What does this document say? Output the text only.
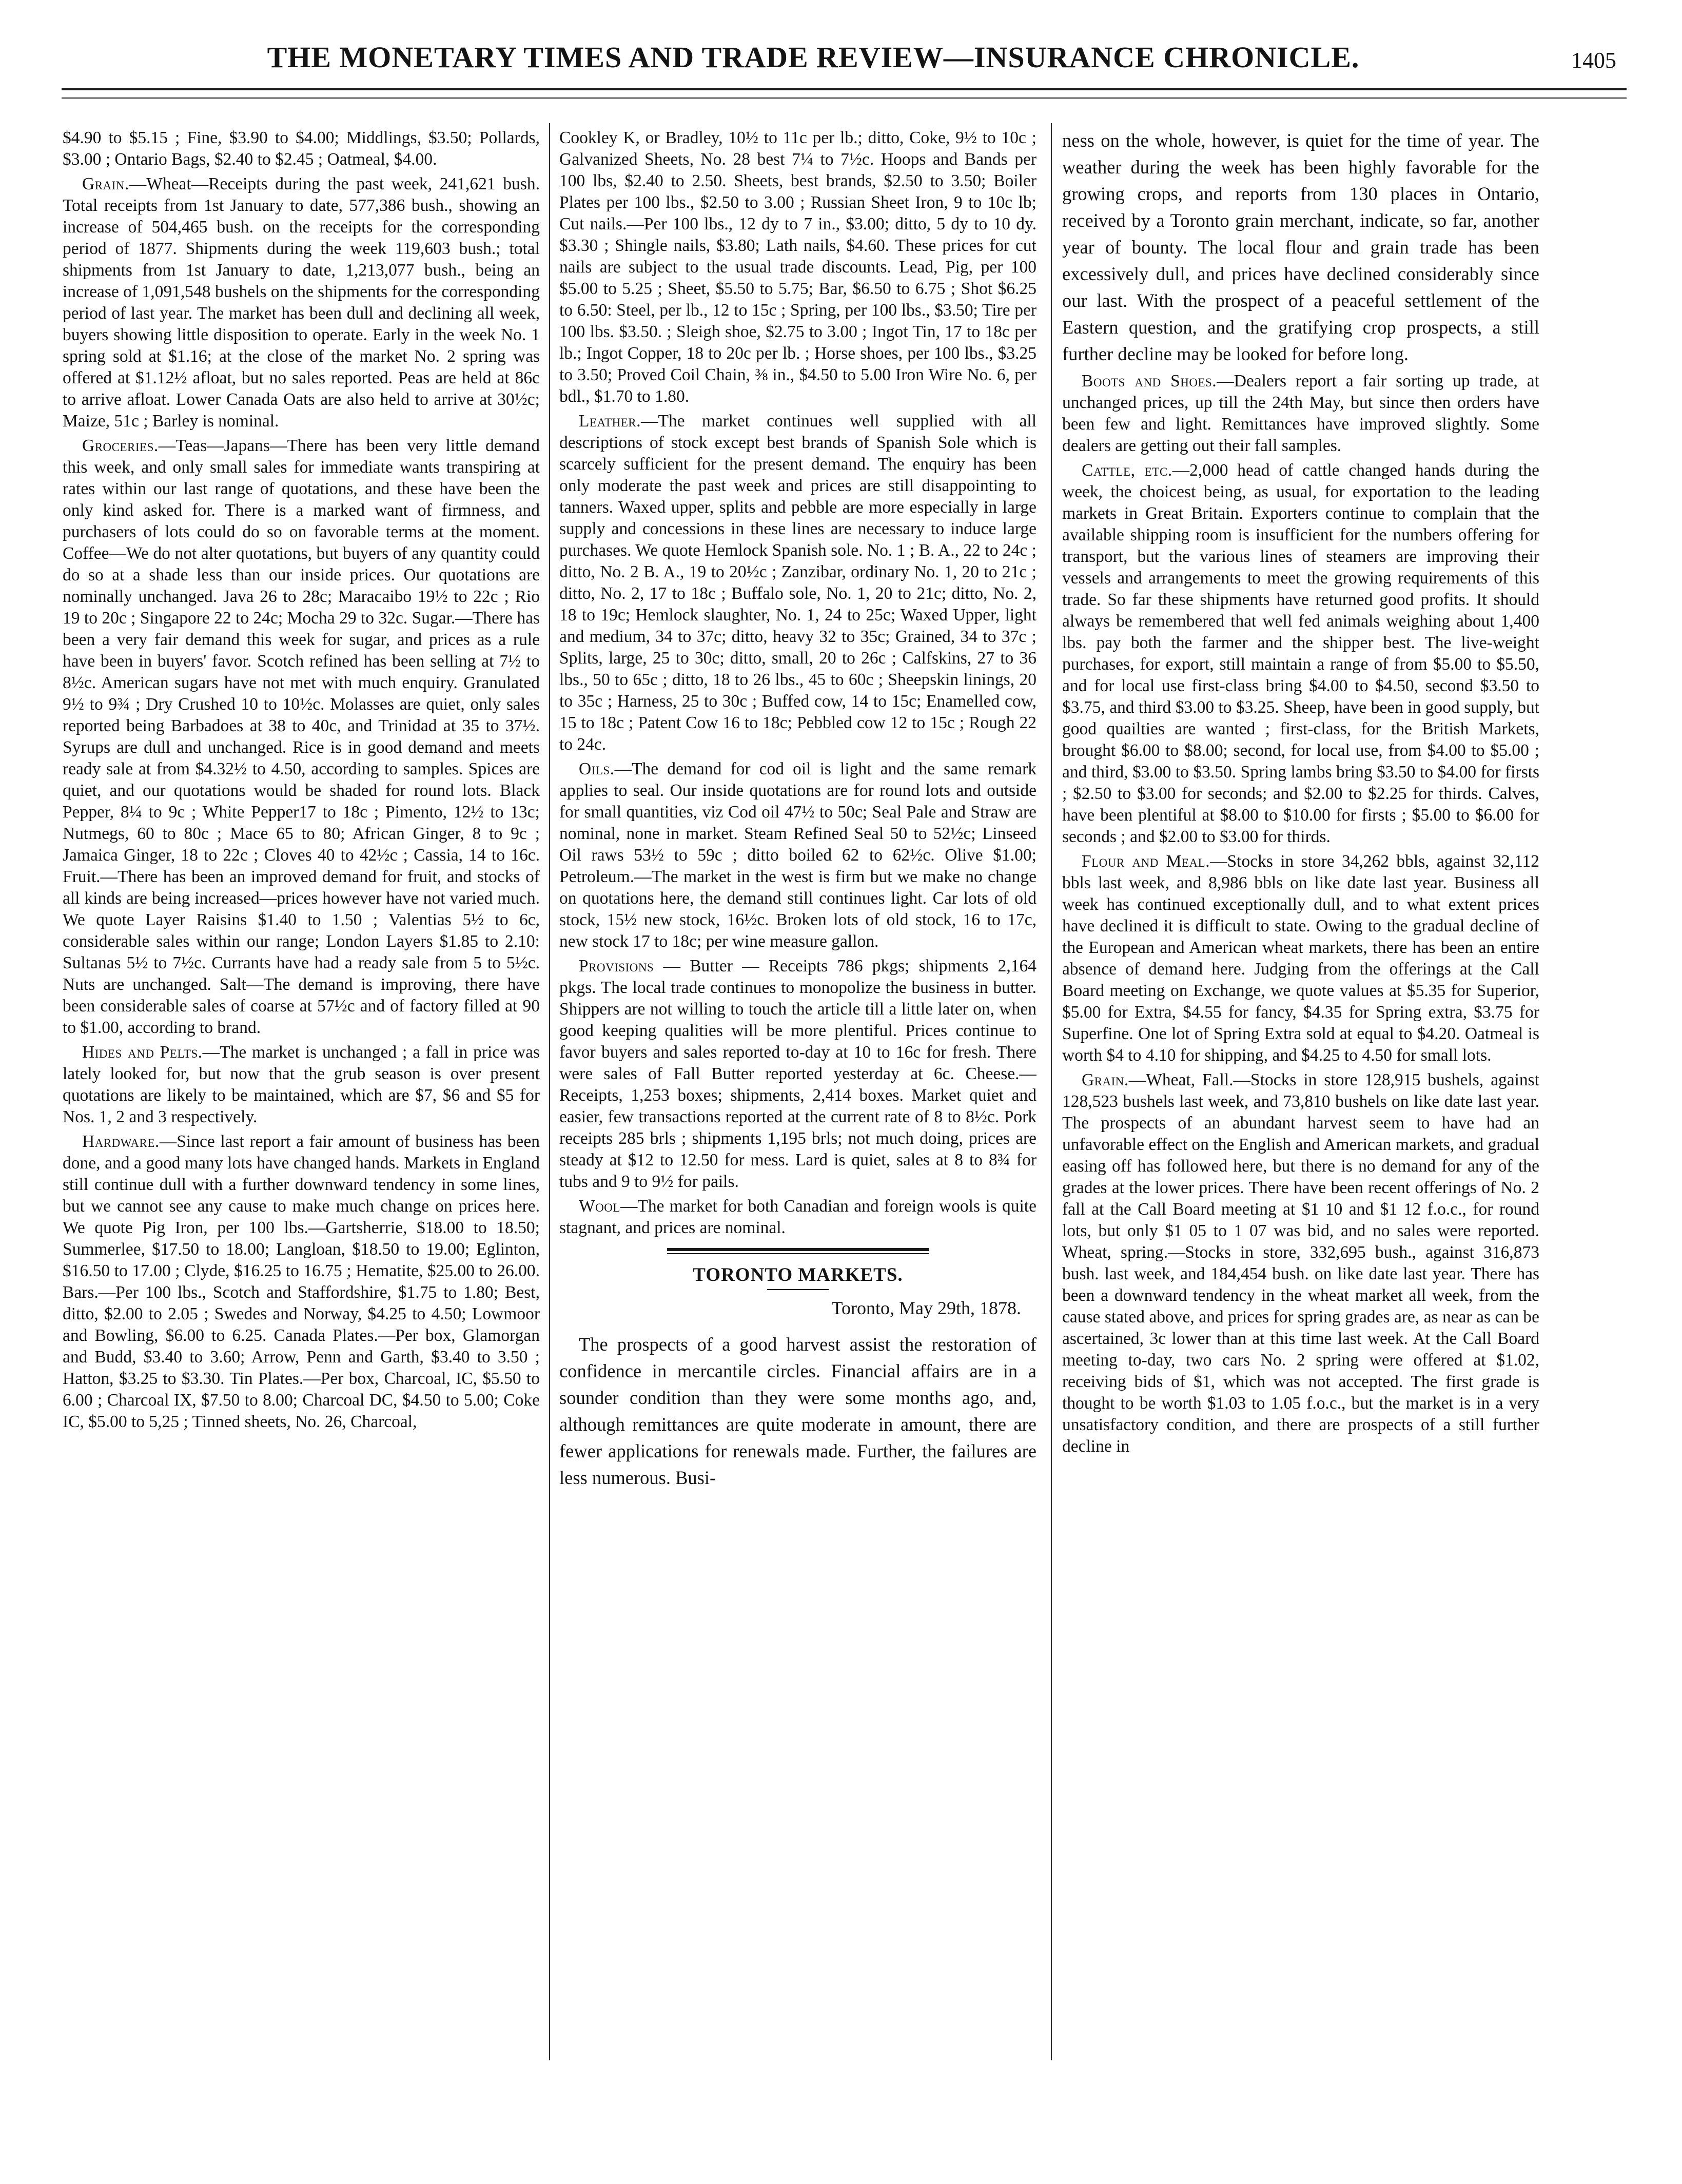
THE MONETARY TIMES AND TRADE REVIEW—INSURANCE CHRONICLE.	1405

$4.90 to $5.15 ; Fine, $3.90 to $4.00; Middlings, $3.50; Pollards, $3.00 ; Ontario Bags, $2.40 to $2.45 ; Oatmeal, $4.00.

Grain.—Wheat—Receipts during the past week, 241,621 bush. Total receipts from 1st January to date, 577,386 bush., showing an increase of 504,465 bush. on the receipts for the corresponding period of 1877. Shipments during the week 119,603 bush.; total shipments from 1st January to date, 1,213,077 bush., being an increase of 1,091,548 bushels on the shipments for the corresponding period of last year. The market has been dull and declining all week, buyers showing little disposition to operate. Early in the week No. 1 spring sold at $1.16; at the close of the market No. 2 spring was offered at $1.12½ afloat, but no sales reported. Peas are held at 86c to arrive afloat. Lower Canada Oats are also held to arrive at 30½c; Maize, 51c ; Barley is nominal.

Groceries.—Teas—Japans—There has been very little demand this week, and only small sales for immediate wants transpiring at rates within our last range of quotations, and these have been the only kind asked for. There is a marked want of firmness, and purchasers of lots could do so on favorable terms at the moment. Coffee—We do not alter quotations, but buyers of any quantity could do so at a shade less than our inside prices. Our quotations are nominally unchanged. Java 26 to 28c; Maracaibo 19½ to 22c ; Rio 19 to 20c ; Singapore 22 to 24c; Mocha 29 to 32c. Sugar.—There has been a very fair demand this week for sugar, and prices as a rule have been in buyers' favor. Scotch refined has been selling at 7½ to 8½c. American sugars have not met with much enquiry. Granulated 9½ to 9¾ ; Dry Crushed 10 to 10½c. Molasses are quiet, only sales reported being Barbadoes at 38 to 40c, and Trinidad at 35 to 37½. Syrups are dull and unchanged. Rice is in good demand and meets ready sale at from $4.32½ to 4.50, according to samples. Spices are quiet, and our quotations would be shaded for round lots. Black Pepper, 8¼ to 9c ; White Pepper17 to 18c ; Pimento, 12½ to 13c; Nutmegs, 60 to 80c ; Mace 65 to 80; African Ginger, 8 to 9c ; Jamaica Ginger, 18 to 22c ; Cloves 40 to 42½c ; Cassia, 14 to 16c. Fruit.—There has been an improved demand for fruit, and stocks of all kinds are being increased—prices however have not varied much. We quote Layer Raisins $1.40 to 1.50 ; Valentias 5½ to 6c, considerable sales within our range; London Layers $1.85 to 2.10: Sultanas 5½ to 7½c. Currants have had a ready sale from 5 to 5½c. Nuts are unchanged. Salt—The demand is improving, there have been considerable sales of coarse at 57½c and of factory filled at 90 to $1.00, according to brand.

Hides and Pelts.—The market is unchanged ; a fall in price was lately looked for, but now that the grub season is over present quotations are likely to be maintained, which are $7, $6 and $5 for Nos. 1, 2 and 3 respectively.

Hardware.—Since last report a fair amount of business has been done, and a good many lots have changed hands. Markets in England still continue dull with a further downward tendency in some lines, but we cannot see any cause to make much change on prices here. We quote Pig Iron, per 100 lbs.—Gartsherrie, $18.00 to 18.50; Summerlee, $17.50 to 18.00; Langloan, $18.50 to 19.00; Eglinton, $16.50 to 17.00 ; Clyde, $16.25 to 16.75 ; Hematite, $25.00 to 26.00. Bars.—Per 100 lbs., Scotch and Staffordshire, $1.75 to 1.80; Best, ditto, $2.00 to 2.05 ; Swedes and Norway, $4.25 to 4.50; Lowmoor and Bowling, $6.00 to 6.25. Canada Plates.—Per box, Glamorgan and Budd, $3.40 to 3.60; Arrow, Penn and Garth, $3.40 to 3.50 ; Hatton, $3.25 to $3.30. Tin Plates.—Per box, Charcoal, IC, $5.50 to 6.00 ; Charcoal IX, $7.50 to 8.00; Charcoal DC, $4.50 to 5.00; Coke IC, $5.00 to 5,25 ; Tinned sheets, No. 26, Charcoal,

Cookley K, or Bradley, 10½ to 11c per lb.; ditto, Coke, 9½ to 10c ; Galvanized Sheets, No. 28 best 7¼ to 7½c. Hoops and Bands per 100 lbs, $2.40 to 2.50. Sheets, best brands, $2.50 to 3.50; Boiler Plates per 100 lbs., $2.50 to 3.00 ; Russian Sheet Iron, 9 to 10c lb; Cut nails.—Per 100 lbs., 12 dy to 7 in., $3.00; ditto, 5 dy to 10 dy. $3.30 ; Shingle nails, $3.80; Lath nails, $4.60. These prices for cut nails are subject to the usual trade discounts. Lead, Pig, per 100 $5.00 to 5.25 ; Sheet, $5.50 to 5.75; Bar, $6.50 to 6.75 ; Shot $6.25 to 6.50: Steel, per lb., 12 to 15c ; Spring, per 100 lbs., $3.50; Tire per 100 lbs. $3.50. ; Sleigh shoe, $2.75 to 3.00 ; Ingot Tin, 17 to 18c per lb.; Ingot Copper, 18 to 20c per lb. ; Horse shoes, per 100 lbs., $3.25 to 3.50; Proved Coil Chain, ⅜ in., $4.50 to 5.00 Iron Wire No. 6, per bdl., $1.70 to 1.80.

Leather.—The market continues well supplied with all descriptions of stock except best brands of Spanish Sole which is scarcely sufficient for the present demand. The enquiry has been only moderate the past week and prices are still disappointing to tanners. Waxed upper, splits and pebble are more especially in large supply and concessions in these lines are necessary to induce large purchases. We quote Hemlock Spanish sole. No. 1 ; B. A., 22 to 24c ; ditto, No. 2 B. A., 19 to 20½c ; Zanzibar, ordinary No. 1, 20 to 21c ; ditto, No. 2, 17 to 18c ; Buffalo sole, No. 1, 20 to 21c; ditto, No. 2, 18 to 19c; Hemlock slaughter, No. 1, 24 to 25c; Waxed Upper, light and medium, 34 to 37c; ditto, heavy 32 to 35c; Grained, 34 to 37c ; Splits, large, 25 to 30c; ditto, small, 20 to 26c ; Calfskins, 27 to 36 lbs., 50 to 65c ; ditto, 18 to 26 lbs., 45 to 60c ; Sheepskin linings, 20 to 35c ; Harness, 25 to 30c ; Buffed cow, 14 to 15c; Enamelled cow, 15 to 18c ; Patent Cow 16 to 18c; Pebbled cow 12 to 15c ; Rough 22 to 24c.

Oils.—The demand for cod oil is light and the same remark applies to seal. Our inside quotations are for round lots and outside for small quantities, viz Cod oil 47½ to 50c; Seal Pale and Straw are nominal, none in market. Steam Refined Seal 50 to 52½c; Linseed Oil raws 53½ to 59c ; ditto boiled 62 to 62½c. Olive $1.00; Petroleum.—The market in the west is firm but we make no change on quotations here, the demand still continues light. Car lots of old stock, 15½ new stock, 16½c. Broken lots of old stock, 16 to 17c, new stock 17 to 18c; per wine measure gallon.

Provisions — Butter — Receipts 786 pkgs; shipments 2,164 pkgs. The local trade continues to monopolize the business in butter. Shippers are not willing to touch the article till a little later on, when good keeping qualities will be more plentiful. Prices continue to favor buyers and sales reported to-day at 10 to 16c for fresh. There were sales of Fall Butter reported yesterday at 6c. Cheese.—Receipts, 1,253 boxes; shipments, 2,414 boxes. Market quiet and easier, few transactions reported at the current rate of 8 to 8½c. Pork receipts 285 brls ; shipments 1,195 brls; not much doing, prices are steady at $12 to 12.50 for mess. Lard is quiet, sales at 8 to 8¾ for tubs and 9 to 9½ for pails.

Wool—The market for both Canadian and foreign wools is quite stagnant, and prices are nominal.

TORONTO MARKETS.
Toronto, May 29th, 1878.

The prospects of a good harvest assist the restoration of confidence in mercantile circles. Financial affairs are in a sounder condition than they were some months ago, and, although remittances are quite moderate in amount, there are fewer applications for renewals made. Further, the failures are less numerous. Busi-

ness on the whole, however, is quiet for the time of year. The weather during the week has been highly favorable for the growing crops, and reports from 130 places in Ontario, received by a Toronto grain merchant, indicate, so far, another year of bounty. The local flour and grain trade has been excessively dull, and prices have declined considerably since our last. With the prospect of a peaceful settlement of the Eastern question, and the gratifying crop prospects, a still further decline may be looked for before long.

Boots and Shoes.—Dealers report a fair sorting up trade, at unchanged prices, up till the 24th May, but since then orders have been few and light. Remittances have improved slightly. Some dealers are getting out their fall samples.

Cattle, etc.—2,000 head of cattle changed hands during the week, the choicest being, as usual, for exportation to the leading markets in Great Britain. Exporters continue to complain that the available shipping room is insufficient for the numbers offering for transport, but the various lines of steamers are improving their vessels and arrangements to meet the growing requirements of this trade. So far these shipments have returned good profits. It should always be remembered that well fed animals weighing about 1,400 lbs. pay both the farmer and the shipper best. The live-weight purchases, for export, still maintain a range of from $5.00 to $5.50, and for local use first-class bring $4.00 to $4.50, second $3.50 to $3.75, and third $3.00 to $3.25. Sheep, have been in good supply, but good quailties are wanted ; first-class, for the British Markets, brought $6.00 to $8.00; second, for local use, from $4.00 to $5.00 ; and third, $3.00 to $3.50. Spring lambs bring $3.50 to $4.00 for firsts ; $2.50 to $3.00 for seconds; and $2.00 to $2.25 for thirds. Calves, have been plentiful at $8.00 to $10.00 for firsts ; $5.00 to $6.00 for seconds ; and $2.00 to $3.00 for thirds.

Flour and Meal.—Stocks in store 34,262 bbls, against 32,112 bbls last week, and 8,986 bbls on like date last year. Business all week has continued exceptionally dull, and to what extent prices have declined it is difficult to state. Owing to the gradual decline of the European and American wheat markets, there has been an entire absence of demand here. Judging from the offerings at the Call Board meeting on Exchange, we quote values at $5.35 for Superior, $5.00 for Extra, $4.55 for fancy, $4.35 for Spring extra, $3.75 for Superfine. One lot of Spring Extra sold at equal to $4.20. Oatmeal is worth $4 to 4.10 for shipping, and $4.25 to 4.50 for small lots.

Grain.—Wheat, Fall.—Stocks in store 128,915 bushels, against 128,523 bushels last week, and 73,810 bushels on like date last year. The prospects of an abundant harvest seem to have had an unfavorable effect on the English and American markets, and gradual easing off has followed here, but there is no demand for any of the grades at the lower prices. There have been recent offerings of No. 2 fall at the Call Board meeting at $1 10 and $1 12 f.o.c., for round lots, but only $1 05 to 1 07 was bid, and no sales were reported. Wheat, spring.—Stocks in store, 332,695 bush., against 316,873 bush. last week, and 184,454 bush. on like date last year. There has been a downward tendency in the wheat market all week, from the cause stated above, and prices for spring grades are, as near as can be ascertained, 3c lower than at this time last week. At the Call Board meeting to-day, two cars No. 2 spring were offered at $1.02, receiving bids of $1, which was not accepted. The first grade is thought to be worth $1.03 to 1.05 f.o.c., but the market is in a very unsatisfactory condition, and there are prospects of a still further decline in
